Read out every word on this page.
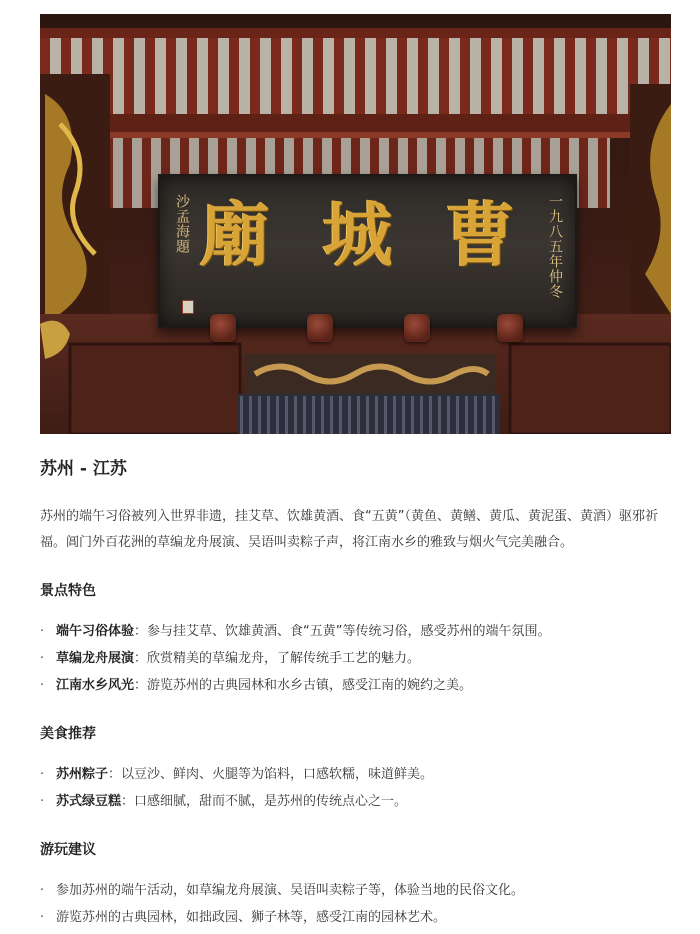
沙孟海題 廟 城 曹 一九八五年仲冬
苏州 - 江苏

苏州的端午习俗被列入世界非遗，挂艾草、饮雄黄酒、食“五黄”（黄鱼、黄鳝、黄瓜、黄泥蛋、黄酒）驱邪祈福。阊门外百花洲的草编龙舟展演、吴语叫卖粽子声，将江南水乡的雅致与烟火气完美融合。

景点特色
· 端午习俗体验：参与挂艾草、饮雄黄酒、食“五黄”等传统习俗，感受苏州的端午氛围。
· 草编龙舟展演：欣赏精美的草编龙舟，了解传统手工艺的魅力。
· 江南水乡风光：游览苏州的古典园林和水乡古镇，感受江南的婉约之美。
美食推荐
· 苏州粽子：以豆沙、鲜肉、火腿等为馅料，口感软糯，味道鲜美。
· 苏式绿豆糕：口感细腻，甜而不腻，是苏州的传统点心之一。
游玩建议
· 参加苏州的端午活动，如草编龙舟展演、吴语叫卖粽子等，体验当地的民俗文化。
· 游览苏州的古典园林，如拙政园、狮子林等，感受江南的园林艺术。
